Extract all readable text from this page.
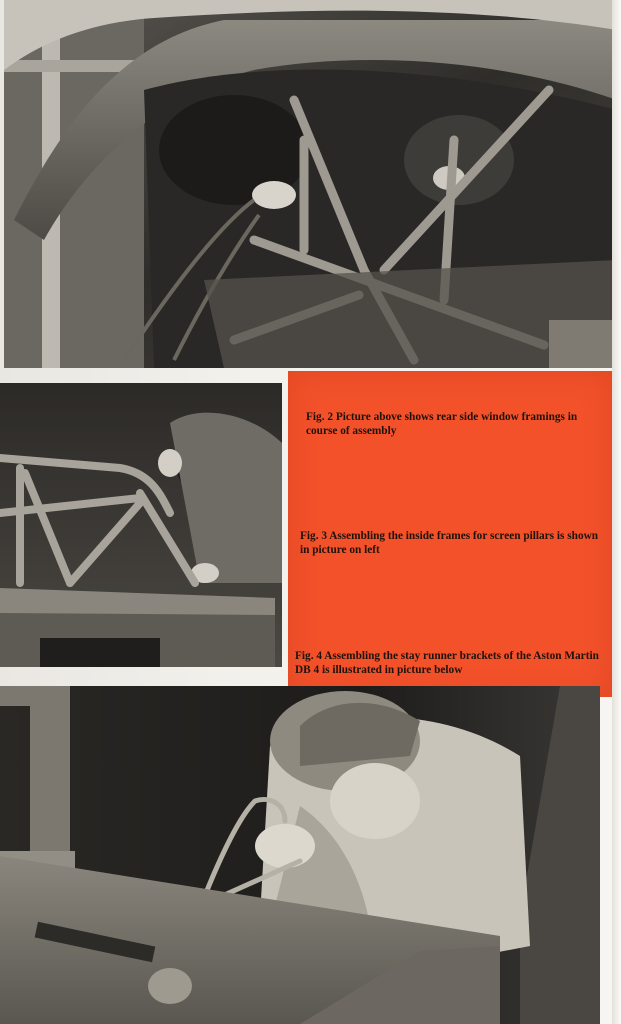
Fig. 2 Picture above shows rear side window framings in course of assembly
Fig. 3 Assembling the inside frames for screen pillars is shown in picture on left
Fig. 4 Assembling the stay runner brackets of the Aston Martin DB 4 is illustrated in picture below
